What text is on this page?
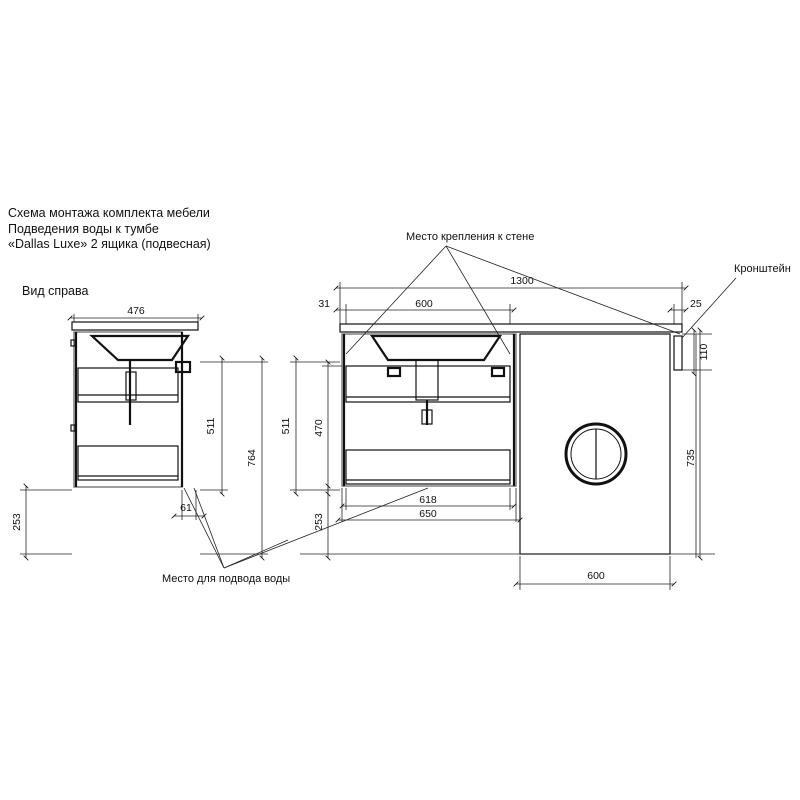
Схема монтажа комплекта мебели
Подведения воды к тумбе
«Dallas Luxe» 2 ящика (подвесная)
Вид справа
476
253
511
764
61
1300
31	600	25
511 470
253
618
650
110
735
600
Место крепления к стене
Кронштейн
Место для подвода воды
